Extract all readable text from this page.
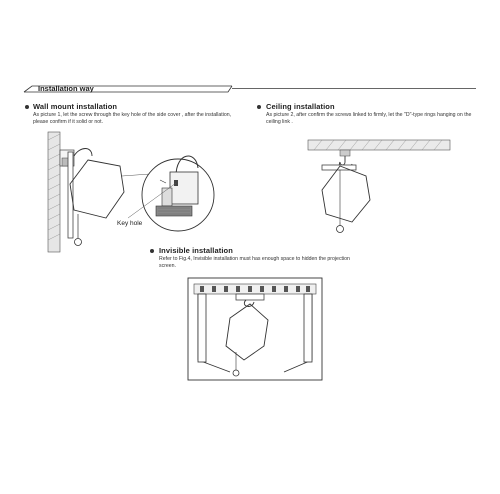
Installation way
Wall mount installation
As picture 1, let the screw through the key hole of the side cover , after the installation, please confirm if it solid or not.
Key hole
Ceiling installation
As picture 2, after confirm the screws linked to firmly, let the "D"-type rings hanging on the ceiling link .
Invisible installation
Refer to Fig.4, Invisible installation must has enough space to hidden the projection screen.
